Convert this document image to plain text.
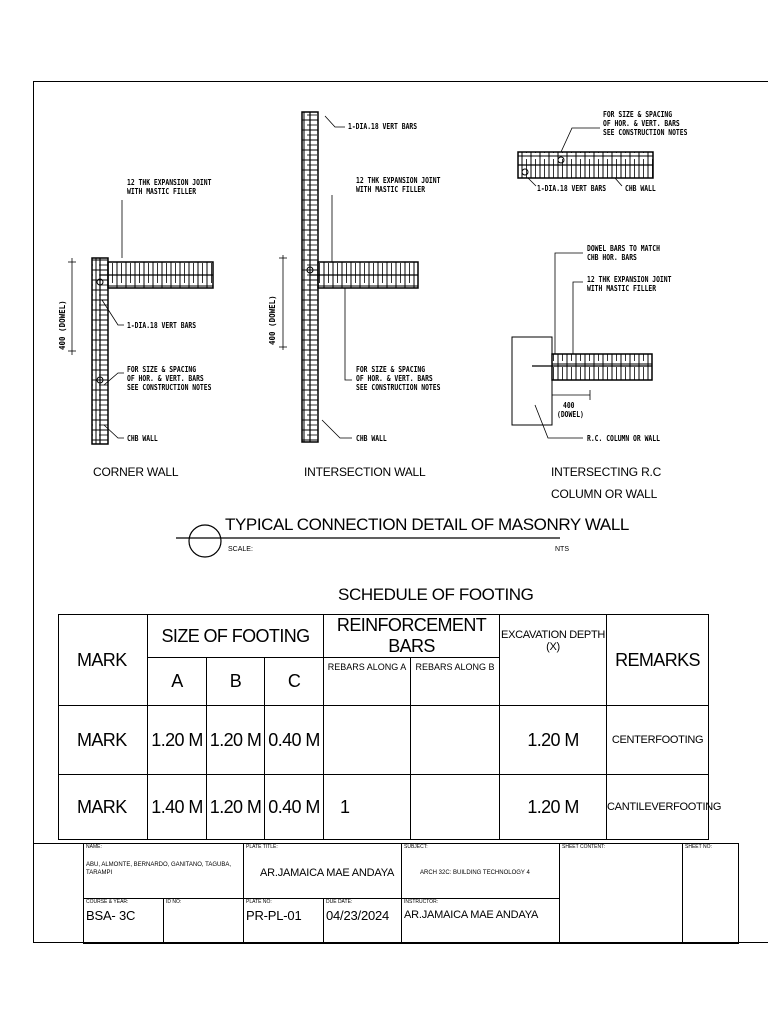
12 THK EXPANSION JOINT
WITH MASTIC FILLER
1-DIA.18 VERT BARS
FOR SIZE & SPACING
OF HOR. & VERT. BARS
SEE CONSTRUCTION NOTES
CHB WALL
400 (DOWEL)
CORNER WALL
1-DIA.18 VERT BARS
12 THK EXPANSION JOINT
WITH MASTIC FILLER
FOR SIZE & SPACING
OF HOR. & VERT. BARS
SEE CONSTRUCTION NOTES
CHB WALL
400 (DOWEL)
INTERSECTION WALL
FOR SIZE & SPACING
OF HOR. & VERT. BARS
SEE CONSTRUCTION NOTES
1-DIA.18 VERT BARS	CHB WALL
DOWEL BARS TO MATCH
CHB HOR. BARS
12 THK EXPANSION JOINT
WITH MASTIC FILLER
400
(DOWEL)
R.C. COLUMN OR WALL
INTERSECTING R.C
COLUMN OR WALL
TYPICAL CONNECTION DETAIL OF MASONRY WALL
SCALE:	NTS
SCHEDULE OF FOOTING
MARK	SIZE OF FOOTING			REINFORCEMENT BARS		EXCAVATION DEPTH (X)	REMARKS
	A	B	C	REBARS ALONG A	REBARS ALONG B		
MARK	1.20 M	1.20 M	0.40 M			1.20 M	CENTERFOOTING
MARK	1.40 M	1.20 M	0.40 M	1		1.20 M	CANTILEVERFOOTING
NAME:
ABU, ALMONTE, BERNARDO, GANITANO, TAGUBA, TARAMPI		PLATE TITLE:
AR.JAMAICA MAE ANDAYA		SUBJECT:
ARCH 32C: BUILDING TECHNOLOGY 4	SHEET CONTENT:	SHEET NO:

COURSE & YEAR:
BSA- 3C	ID NO:	PLATE NO:
PR-PL-01	DUE DATE:
04/23/2024	INSTRUCTOR:
AR.JAMAICA MAE ANDAYA		
